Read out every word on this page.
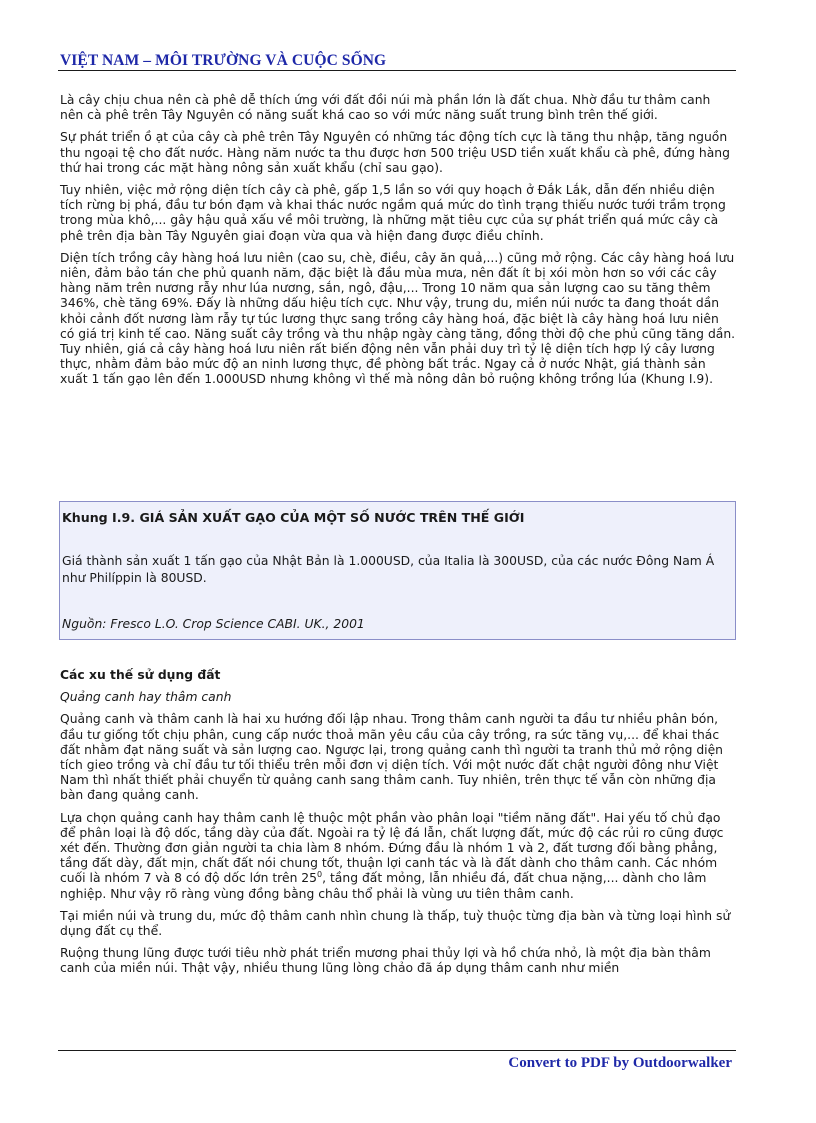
VIỆT NAM – MÔI TRƯỜNG VÀ CUỘC SỐNG

Là cây chịu chua nên cà phê dễ thích ứng với đất đồi núi mà phần lớn là đất chua. Nhờ đầu tư thâm canh nên cà phê trên Tây Nguyên có năng suất khá cao so với mức năng suất trung bình trên thế giới.

Sự phát triển ồ ạt của cây cà phê trên Tây Nguyên có những tác động tích cực là tăng thu nhập, tăng nguồn thu ngoại tệ cho đất nước. Hàng năm nước ta thu được hơn 500 triệu USD tiền xuất khẩu cà phê, đứng hàng thứ hai trong các mặt hàng nông sản xuất khẩu (chỉ sau gạo).

Tuy nhiên, việc mở rộng diện tích cây cà phê, gấp 1,5 lần so với quy hoạch ở Đắk Lắk, dẫn đến nhiều diện tích rừng bị phá, đầu tư bón đạm và khai thác nước ngầm quá mức do tình trạng thiếu nước tưới trầm trọng trong mùa khô,... gây hậu quả xấu về môi trường, là những mặt tiêu cực của sự phát triển quá mức cây cà phê trên địa bàn Tây Nguyên giai đoạn vừa qua và hiện đang được điều chỉnh.

Diện tích trồng cây hàng hoá lưu niên (cao su, chè, điều, cây ăn quả,...) cũng mở rộng. Các cây hàng hoá lưu niên, đảm bảo tán che phủ quanh năm, đặc biệt là đầu mùa mưa, nên đất ít bị xói mòn hơn so với các cây hàng năm trên nương rẫy như lúa nương, sắn, ngô, đậu,... Trong 10 năm qua sản lượng cao su tăng thêm 346%, chè tăng 69%. Đấy là những dấu hiệu tích cực. Như vậy, trung du, miền núi nước ta đang thoát dần khỏi cảnh đốt nương làm rẫy tự túc lương thực sang trồng cây hàng hoá, đặc biệt là cây hàng hoá lưu niên có giá trị kinh tế cao. Năng suất cây trồng và thu nhập ngày càng tăng, đồng thời độ che phủ cũng tăng dần. Tuy nhiên, giá cả cây hàng hoá lưu niên rất biến động nên vẫn phải duy trì tỷ lệ diện tích hợp lý cây lương thực, nhằm đảm bảo mức độ an ninh lương thực, đề phòng bất trắc. Ngay cả ở nước Nhật, giá thành sản xuất 1 tấn gạo lên đến 1.000USD nhưng không vì thế mà nông dân bỏ ruộng không trồng lúa (Khung I.9).

Khung I.9. GIÁ SẢN XUẤT GẠO CỦA MỘT SỐ NƯỚC TRÊN THẾ GIỚI
Giá thành sản xuất 1 tấn gạo của Nhật Bản là 1.000USD, của Italia là 300USD, của các nước Đông Nam Á như Philíppin là 80USD.
Nguồn: Fresco L.O. Crop Science CABI. UK., 2001

Các xu thế sử dụng đất

Quảng canh hay thâm canh

Quảng canh và thâm canh là hai xu hướng đối lập nhau. Trong thâm canh người ta đầu tư nhiều phân bón, đầu tư giống tốt chịu phân, cung cấp nước thoả mãn yêu cầu của cây trồng, ra sức tăng vụ,... để khai thác đất nhằm đạt năng suất và sản lượng cao. Ngược lại, trong quảng canh thì người ta tranh thủ mở rộng diện tích gieo trồng và chỉ đầu tư tối thiểu trên mỗi đơn vị diện tích. Với một nước đất chật người đông như Việt Nam thì nhất thiết phải chuyển từ quảng canh sang thâm canh. Tuy nhiên, trên thực tế vẫn còn những địa bàn đang quảng canh.

Lựa chọn quảng canh hay thâm canh lệ thuộc một phần vào phân loại "tiềm năng đất". Hai yếu tố chủ đạo để phân loại là độ dốc, tầng dày của đất. Ngoài ra tỷ lệ đá lẫn, chất lượng đất, mức độ các rủi ro cũng được xét đến. Thường đơn giản người ta chia làm 8 nhóm. Đứng đầu là nhóm 1 và 2, đất tương đối bằng phẳng, tầng đất dày, đất mịn, chất đất nói chung tốt, thuận lợi canh tác và là đất dành cho thâm canh. Các nhóm cuối là nhóm 7 và 8 có độ dốc lớn trên $25^0$, tầng đất mỏng, lẫn nhiều đá, đất chua nặng,... dành cho lâm nghiệp. Như vậy rõ ràng vùng đồng bằng châu thổ phải là vùng ưu tiên thâm canh.

Tại miền núi và trung du, mức độ thâm canh nhìn chung là thấp, tuỳ thuộc từng địa bàn và từng loại hình sử dụng đất cụ thể.

Ruộng thung lũng được tưới tiêu nhờ phát triển mương phai thủy lợi và hồ chứa nhỏ, là một địa bàn thâm canh của miền núi. Thật vậy, nhiều thung lũng lòng chảo đã áp dụng thâm canh như miền

Convert to PDF by Outdoorwalker
